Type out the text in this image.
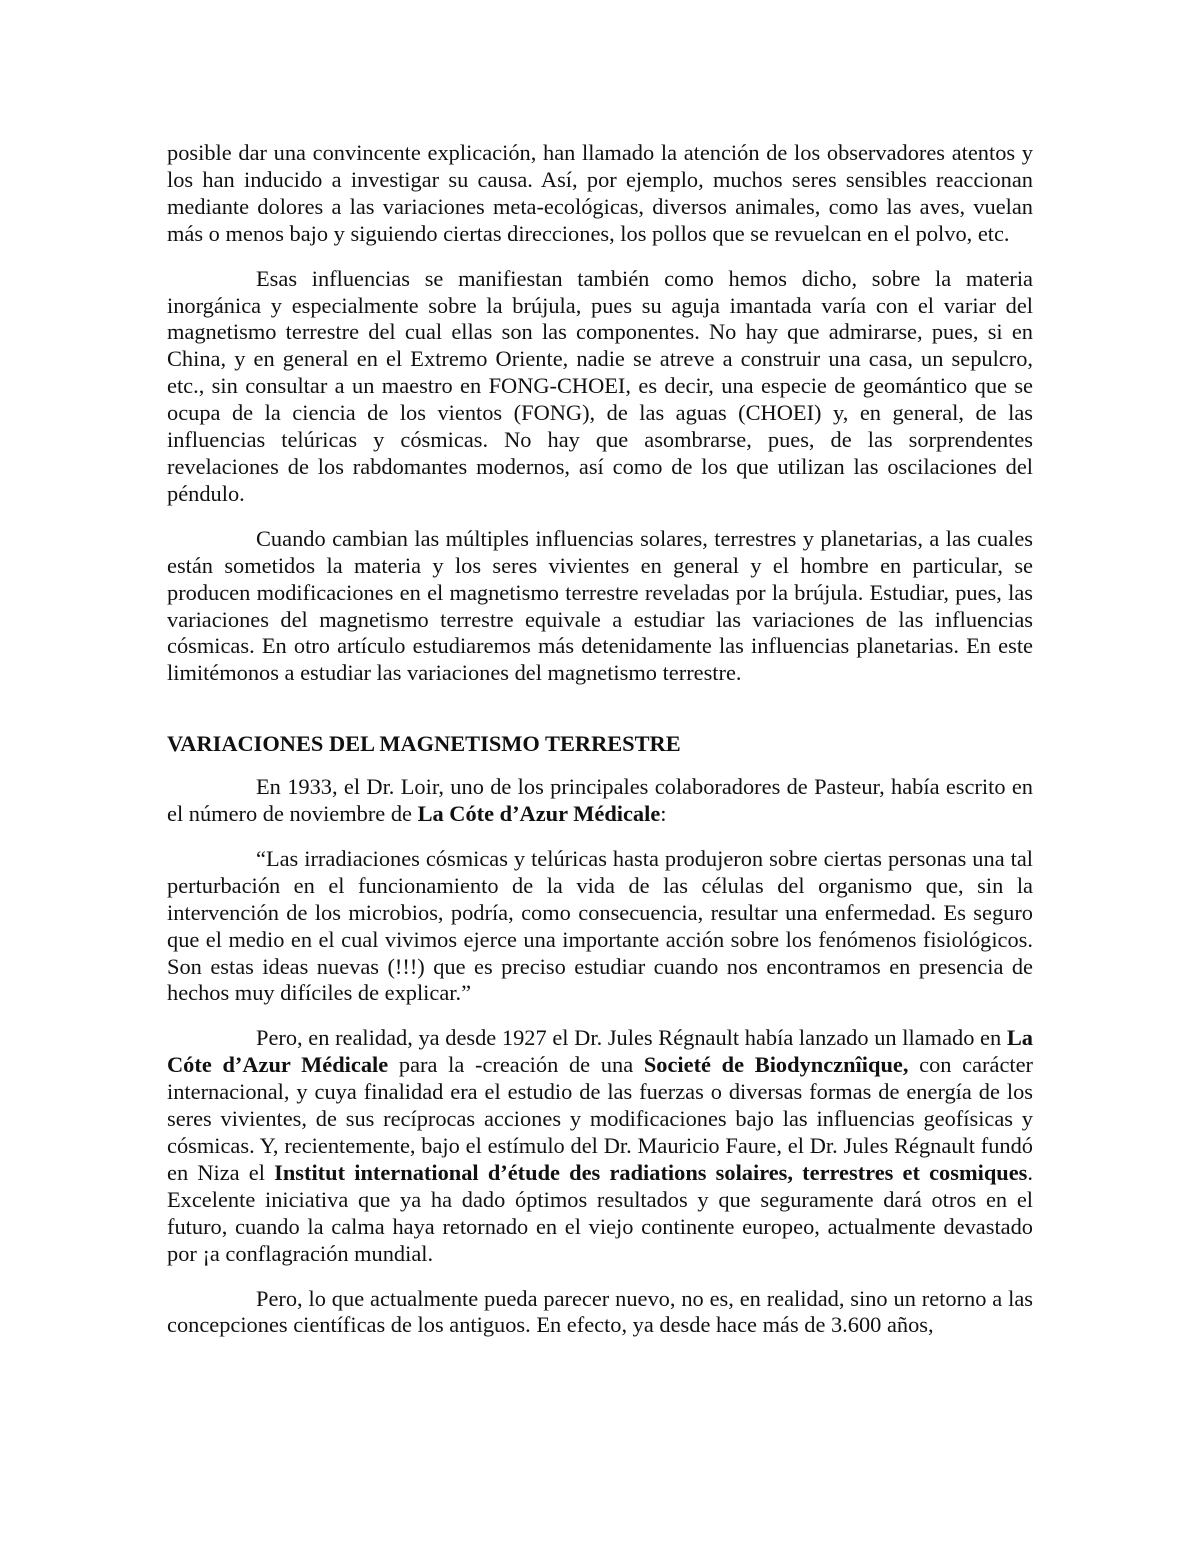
posible dar una convincente explicación, han llamado la atención de los observadores atentos y los han inducido a investigar su causa. Así, por ejemplo, muchos seres sensibles reaccionan mediante dolores a las variaciones meta-ecológicas, diversos animales, como las aves, vuelan más o menos bajo y siguiendo ciertas direcciones, los pollos que se revuelcan en el polvo, etc.

Esas influencias se manifiestan también como hemos dicho, sobre la materia inorgánica y especialmente sobre la brújula, pues su aguja imantada varía con el variar del magnetismo terrestre del cual ellas son las componentes. No hay que admirarse, pues, si en China, y en general en el Extremo Oriente, nadie se atreve a construir una casa, un sepulcro, etc., sin consultar a un maestro en FONG-CHOEI, es decir, una especie de geomántico que se ocupa de la ciencia de los vientos (FONG), de las aguas (CHOEI) y, en general, de las influencias telúricas y cósmicas. No hay que asombrarse, pues, de las sorprendentes revelaciones de los rabdomantes modernos, así como de los que utilizan las oscilaciones del péndulo.

Cuando cambian las múltiples influencias solares, terrestres y planetarias, a las cuales están sometidos la materia y los seres vivientes en general y el hombre en particular, se producen modificaciones en el magnetismo terrestre reveladas por la brújula. Estudiar, pues, las variaciones del magnetismo terrestre equivale a estudiar las variaciones de las influencias cósmicas. En otro artículo estudiaremos más detenidamente las influencias planetarias. En este limitémonos a estudiar las variaciones del magnetismo terrestre.

VARIACIONES DEL MAGNETISMO TERRESTRE

En 1933, el Dr. Loir, uno de los principales colaboradores de Pasteur, había escrito en el número de noviembre de La Cóte d’Azur Médicale:

“Las irradiaciones cósmicas y telúricas hasta produjeron sobre ciertas personas una tal perturbación en el funcionamiento de la vida de las células del organismo que, sin la intervención de los microbios, podría, como consecuencia, resultar una enfermedad. Es seguro que el medio en el cual vivimos ejerce una importante acción sobre los fenómenos fisiológicos. Son estas ideas nuevas (!!!) que es preciso estudiar cuando nos encontramos en presencia de hechos muy difíciles de explicar.”

Pero, en realidad, ya desde 1927 el Dr. Jules Régnault había lanzado un llamado en La Cóte d’Azur Médicale para la -creación de una Societé de Biodyncznîique, con carácter internacional, y cuya finalidad era el estudio de las fuerzas o diversas formas de energía de los seres vivientes, de sus recíprocas acciones y modificaciones bajo las influencias geofísicas y cósmicas. Y, recientemente, bajo el estímulo del Dr. Mauricio Faure, el Dr. Jules Régnault fundó en Niza el Institut international d’étude des radiations solaires, terrestres et cosmiques. Excelente iniciativa que ya ha dado óptimos resultados y que seguramente dará otros en el futuro, cuando la calma haya retornado en el viejo continente europeo, actualmente devastado por ¡a conflagración mundial.

Pero, lo que actualmente pueda parecer nuevo, no es, en realidad, sino un retorno a las concepciones científicas de los antiguos. En efecto, ya desde hace más de 3.600 años,
